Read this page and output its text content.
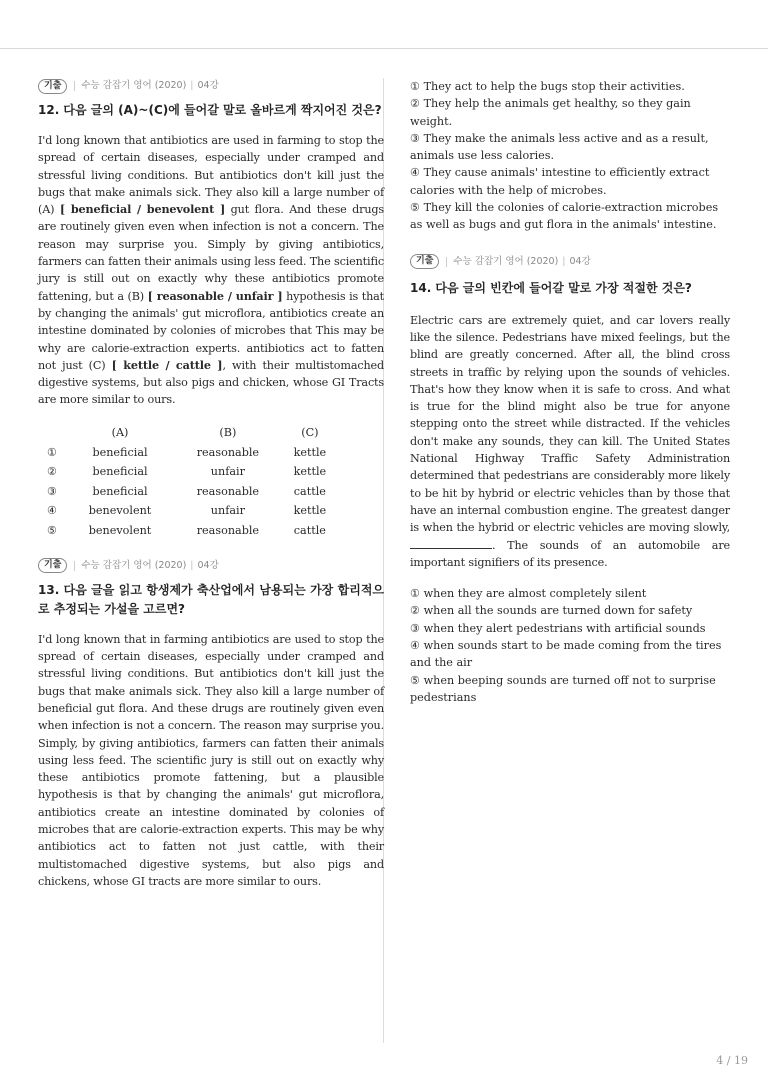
기출	수능 감잡기 영어 (2020) | 04강

12. 다음 글의 (A)~(C)에 들어갈 말로 올바르게 짝지어진 것은?

I'd long known that antibiotics are used in farming to stop the spread of certain diseases, especially under cramped and stressful living conditions. But antibiotics don't kill just the bugs that make animals sick. They also kill a large number of (A) [ beneficial / benevolent ] gut flora. And these drugs are routinely given even when infection is not a concern. The reason may surprise you. Simply by giving antibiotics, farmers can fatten their animals using less feed. The scientific jury is still out on exactly why these antibiotics promote fattening, but a (B) [ reasonable / unfair ] hypothesis is that by changing the animals' gut microflora, antibiotics create an intestine dominated by colonies of microbes that This may be why are calorie-extraction experts. antibiotics act to fatten not just (C) [ kettle / cattle ], with their multistomached digestive systems, but also pigs and chicken, whose GI Tracts are more similar to ours.

	(A)	(B)	(C)
①	beneficial	reasonable	kettle
②	beneficial	unfair	kettle
③	beneficial	reasonable	cattle
④	benevolent	unfair	kettle
⑤	benevolent	reasonable	cattle
기출	수능 감잡기 영어 (2020) | 04강

13. 다음 글을 읽고 항생제가 축산업에서 남용되는 가장 합리적으로 추정되는 가설을 고르면?

I'd long known that in farming antibiotics are used to stop the spread of certain diseases, especially under cramped and stressful living conditions. But antibiotics don't kill just the bugs that make animals sick. They also kill a large number of beneficial gut flora. And these drugs are routinely given even when infection is not a concern. The reason may surprise you. Simply, by giving antibiotics, farmers can fatten their animals using less feed. The scientific jury is still out on exactly why these antibiotics promote fattening, but a plausible hypothesis is that by changing the animals' gut microflora, antibiotics create an intestine dominated by colonies of microbes that are calorie-extraction experts. This may be why antibiotics act to fatten not just cattle, with their multistomached digestive systems, but also pigs and chickens, whose GI tracts are more similar to ours.

① They act to help the bugs stop their activities.

② They help the animals get healthy, so they gain weight.

③ They make the animals less active and as a result, animals use less calories.

④ They cause animals' intestine to efficiently extract calories with the help of microbes.

⑤ They kill the colonies of calorie-extraction microbes as well as bugs and gut flora in the animals' intestine.

기출	수능 감잡기 영어 (2020) | 04강

14. 다음 글의 빈칸에 들어갈 말로 가장 적절한 것은?

Electric cars are extremely quiet, and car lovers really like the silence. Pedestrians have mixed feelings, but the blind are greatly concerned. After all, the blind cross streets in traffic by relying upon the sounds of vehicles. That's how they know when it is safe to cross. And what is true for the blind might also be true for anyone stepping onto the street while distracted. If the vehicles don't make any sounds, they can kill. The United States National Highway Traffic Safety Administration determined that pedestrians are considerably more likely to be hit by hybrid or electric vehicles than by those that have an internal combustion engine. The greatest danger is when the hybrid or electric vehicles are moving slowly, . The sounds of an automobile are important signifiers of its presence.

① when they are almost completely silent

② when all the sounds are turned down for safety

③ when they alert pedestrians with artificial sounds

④ when sounds start to be made coming from the tires and the air

⑤ when beeping sounds are turned off not to surprise pedestrians

4 / 19
